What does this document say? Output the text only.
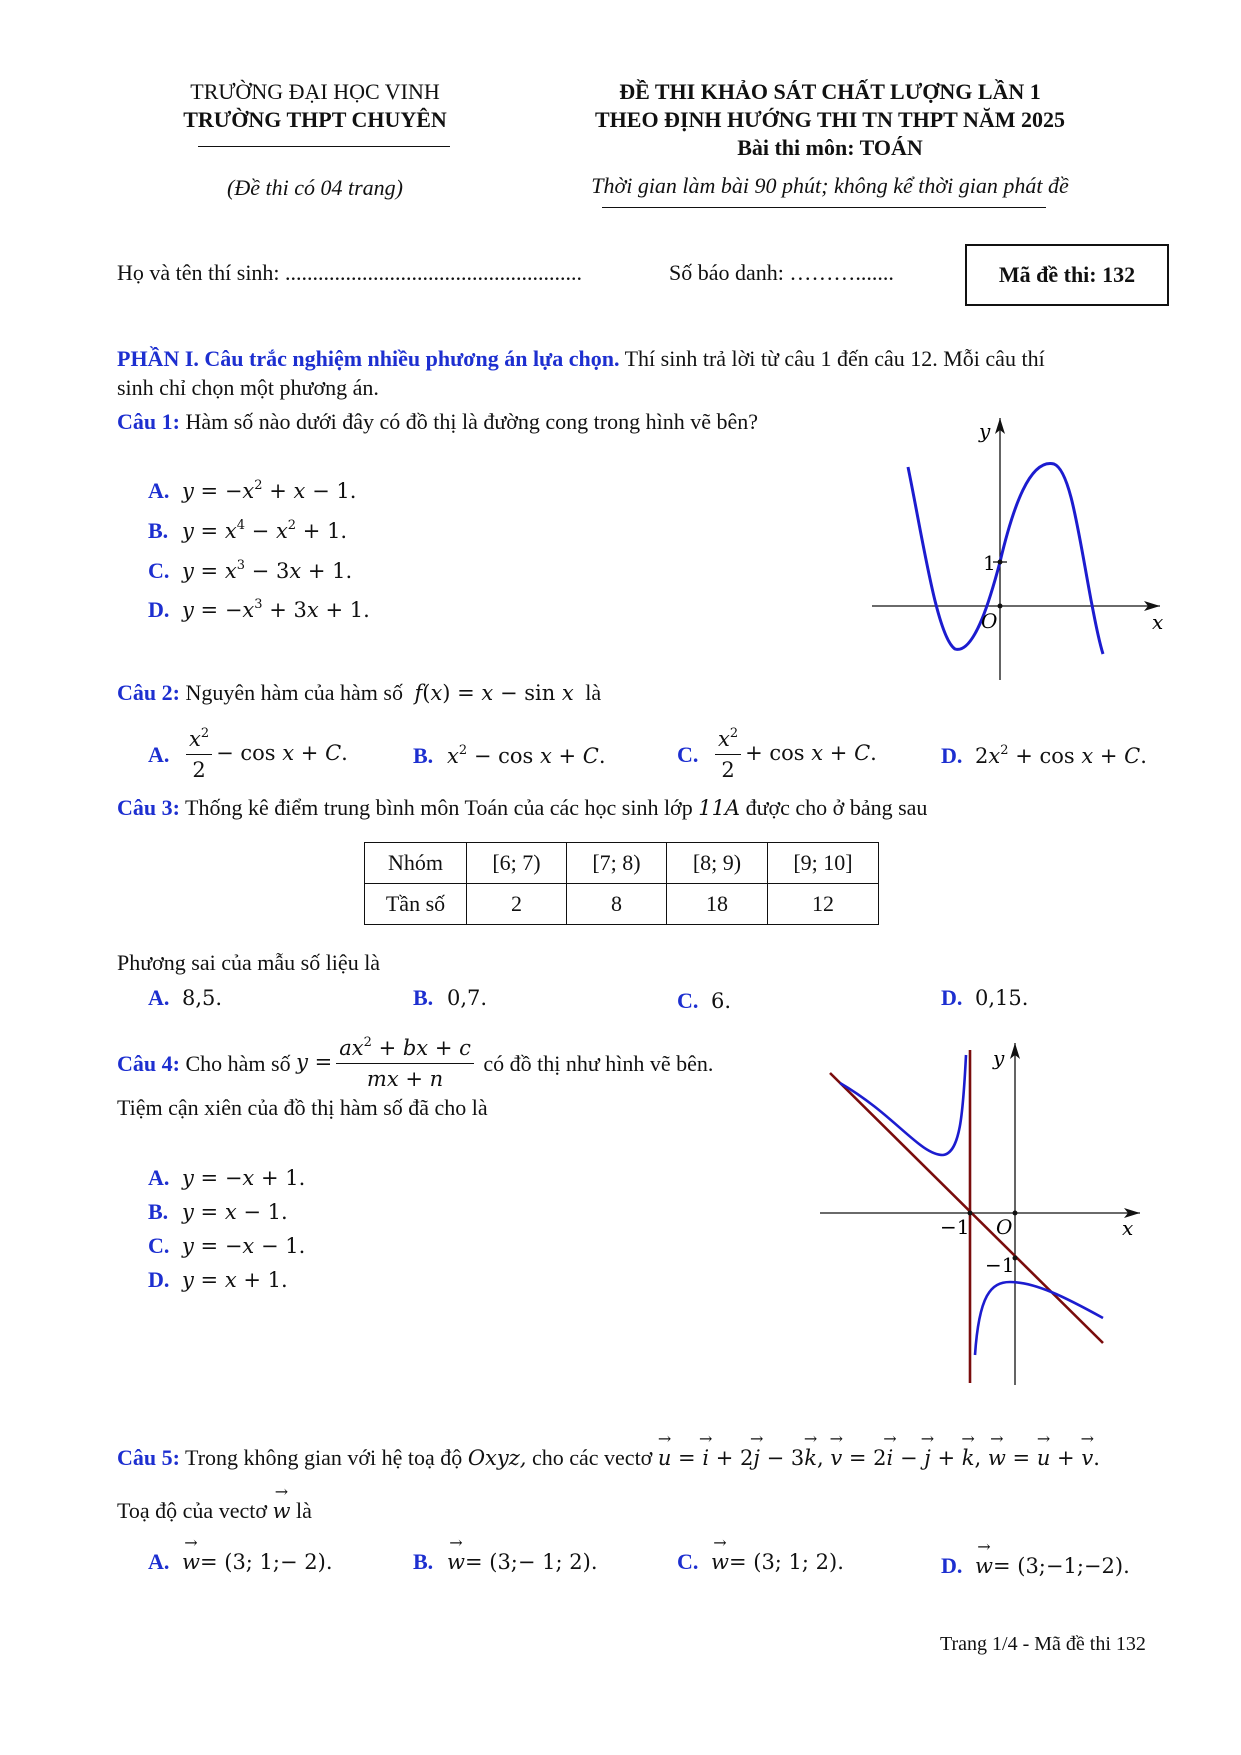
TRƯỜNG ĐẠI HỌC VINH
TRƯỜNG THPT CHUYÊN
(Đề thi có 04 trang)
ĐỀ THI KHẢO SÁT CHẤT LƯỢNG LẦN 1
THEO ĐỊNH HƯỚNG THI TN THPT NĂM 2025
Bài thi môn: TOÁN
Thời gian làm bài 90 phút; không kể thời gian phát đề
Họ và tên thí sinh: ......................................................	Số báo danh: ……….......	Mã đề thi: 132
PHẦN I. Câu trắc nghiệm nhiều phương án lựa chọn. Thí sinh trả lời từ câu 1 đến câu 12. Mỗi câu thí
sinh chỉ chọn một phương án.
Câu 1: Hàm số nào dưới đây có đồ thị là đường cong trong hình vẽ bên?
A. $y = -x^2 + x - 1$.
B. $y = x^4 - x^2 + 1$.
C. $y = x^3 - 3x + 1$.
D. $y = -x^3 + 3x + 1$.
y
x
O
1
Câu 2: Nguyên hàm của hàm số f(x) = x − sin x là
A. $\frac{x^2}{2} - \cos x + C$.	B. $x^2 - \cos x + C$.	C. $\frac{x^2}{2} + \cos x + C$.	D. $2x^2 + \cos x + C$.
Câu 3: Thống kê điểm trung bình môn Toán của các học sinh lớp 11A được cho ở bảng sau
Nhóm	[6; 7)	[7; 8)	[8; 9)	[9; 10]
Tần số	2	8	18	12
Phương sai của mẫu số liệu là
A. 8,5.	B. 0,7.	C. 6.	D. 0,15.
Câu 4: Cho hàm số $y = \frac{ax^2 + bx + c}{mx + n}$ có đồ thị như hình vẽ bên.
Tiệm cận xiên của đồ thị hàm số đã cho là
A. y = −x + 1.
B. y = x − 1.
C. y = −x − 1.
D. y = x + 1.
y
x
O
−1
−1
Câu 5: Trong không gian với hệ toạ độ Oxyz, cho các vectơ → u = → i + 2→ j − 3→ k, → v = 2→ i − → j + → k, → w = → u + → v.
Toạ độ của vectơ → w là
A. → w= (3; 1;− 2).	B. → w= (3;− 1; 2).	C. → w= (3; 1; 2).	D. → w= (3;−1;−2).
Trang 1/4 - Mã đề thi 132
